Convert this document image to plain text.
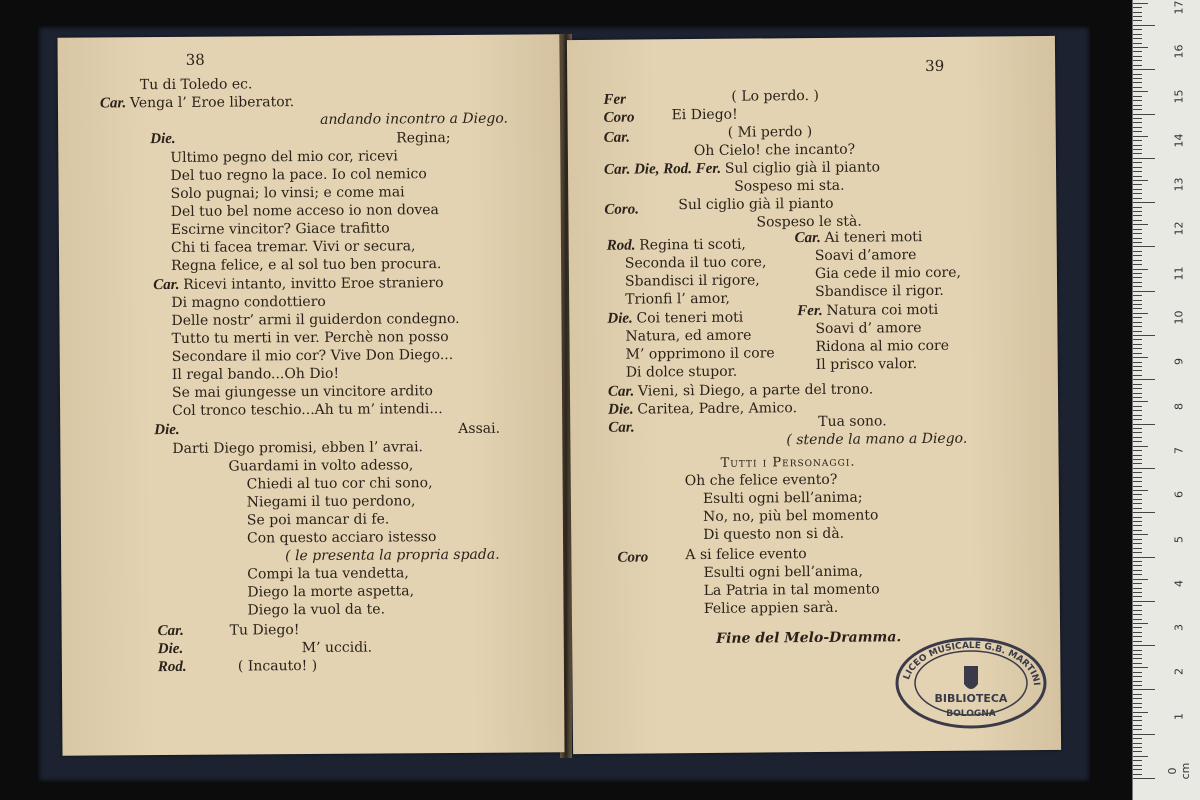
38
Tu di Toledo ec.
Car. Venga l’ Eroe liberator.
andando incontro a Diego.
Die.	Regina;
Ultimo pegno del mio cor, ricevi
Del tuo regno la pace. Io col nemico
Solo pugnai; lo vinsi; e come mai
Del tuo bel nome acceso io non dovea
Escirne vincitor? Giace trafitto
Chi ti facea tremar. Vivi or secura,
Regna felice, e al sol tuo ben procura.
Car. Ricevi intanto, invitto Eroe straniero
Di magno condottiero
Delle nostr’ armi il guiderdon condegno.
Tutto tu merti in ver. Perchè non posso
Secondare il mio cor? Vive Don Diego...
Il regal bando...Oh Dio!
Se mai giungesse un vincitore ardito
Col tronco teschio...Ah tu m’ intendi...
Die.	Assai.
Darti Diego promisi, ebben l’ avrai.
Guardami in volto adesso,
Chiedi al tuo cor chi sono,
Niegami il tuo perdono,
Se poi mancar di fe.
Con questo acciaro istesso
( le presenta la propria spada.
Compi la tua vendetta,
Diego la morte aspetta,
Diego la vuol da te.
Car.	Tu Diego!
Die.	M’ uccidi.
Rod.	( Incauto! )
39
Fer	( Lo perdo. )
Coro	Ei Diego!
Car.	( Mi perdo )
Oh Cielo! che incanto?
Car. Die, Rod. Fer. Sul ciglio già il pianto
Sospeso mi sta.
Coro.	Sul ciglio già il pianto
Sospeso le stà.
Rod. Regina ti scoti,
Seconda il tuo core,
Sbandisci il rigore,
Trionfi l’ amor,
Die. Coi teneri moti
Natura, ed amore
M’ opprimono il core
Di dolce stupor.
Car. Ai teneri moti
Soavi d’amore
Gia cede il mio core,
Sbandisce il rigor.
Fer. Natura coi moti
Soavi d’ amore
Ridona al mio core
Il prisco valor.
Car. Vieni, sì Diego, a parte del trono.
Die. Caritea, Padre, Amico.
Car.	Tua sono.
( stende la mano a Diego.
Tutti i Personaggi.
Oh che felice evento?
Esulti ogni bell’anima;
No, no, più bel momento
Di questo non si dà.
Coro	A si felice evento
Esulti ogni bell’anima,
La Patria in tal momento
Felice appien sarà.
Fine del Melo-Dramma.
LICEO MUSICALE G.B. MARTINI
BIBLIOTECA
BOLOGNA
0 cm
1
2
3
4
5
6
7
8
9
10
11
12
13
14
15
16
17
